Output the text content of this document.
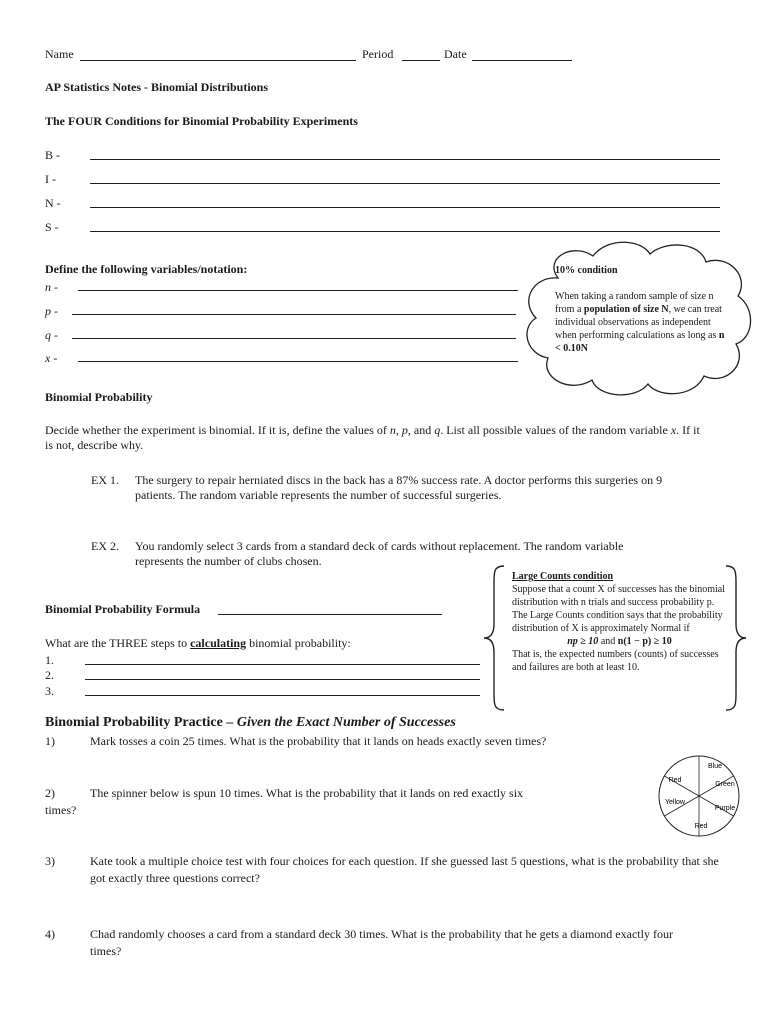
Name	Period	Date
AP Statistics Notes - Binomial Distributions
The FOUR Conditions for Binomial Probability Experiments
B -
I -
N -
S -
Define the following variables/notation:
n -
p -
q -
x -
10% condition
When taking a random sample of size n from a population of size N, we can treat individual observations as independent when performing calculations as long as n < 0.10N
Binomial Probability
Decide whether the experiment is binomial. If it is, define the values of n, p, and q. List all possible values of the random variable x. If it is not, describe why.
EX 1. The surgery to repair herniated discs in the back has a 87% success rate. A doctor performs this surgeries on 9 patients. The random variable represents the number of successful surgeries.
EX 2. You randomly select 3 cards from a standard deck of cards without replacement. The random variable represents the number of clubs chosen.
Large Counts condition
Suppose that a count X of successes has the binomial distribution with n trials and success probability p. The Large Counts condition says that the probability distribution of X is approximately Normal if
np ≥ 10 and n(1 − p) ≥ 10
That is, the expected numbers (counts) of successes and failures are both at least 10.
Binomial Probability Formula
What are the THREE steps to calculating binomial probability:
1.
2.
3.
Binomial Probability Practice – Given the Exact Number of Successes
1)	Mark tosses a coin 25 times. What is the probability that it lands on heads exactly seven times?
2)	The spinner below is spun 10 times. What is the probability that it lands on red exactly six
times?
Blue
Green
Purple
Red
Yellow
Red
3)	Kate took a multiple choice test with four choices for each question. If she guessed last 5 questions, what is the probability that she got exactly three questions correct?
4)	Chad randomly chooses a card from a standard deck 30 times. What is the probability that he gets a diamond exactly four times?
